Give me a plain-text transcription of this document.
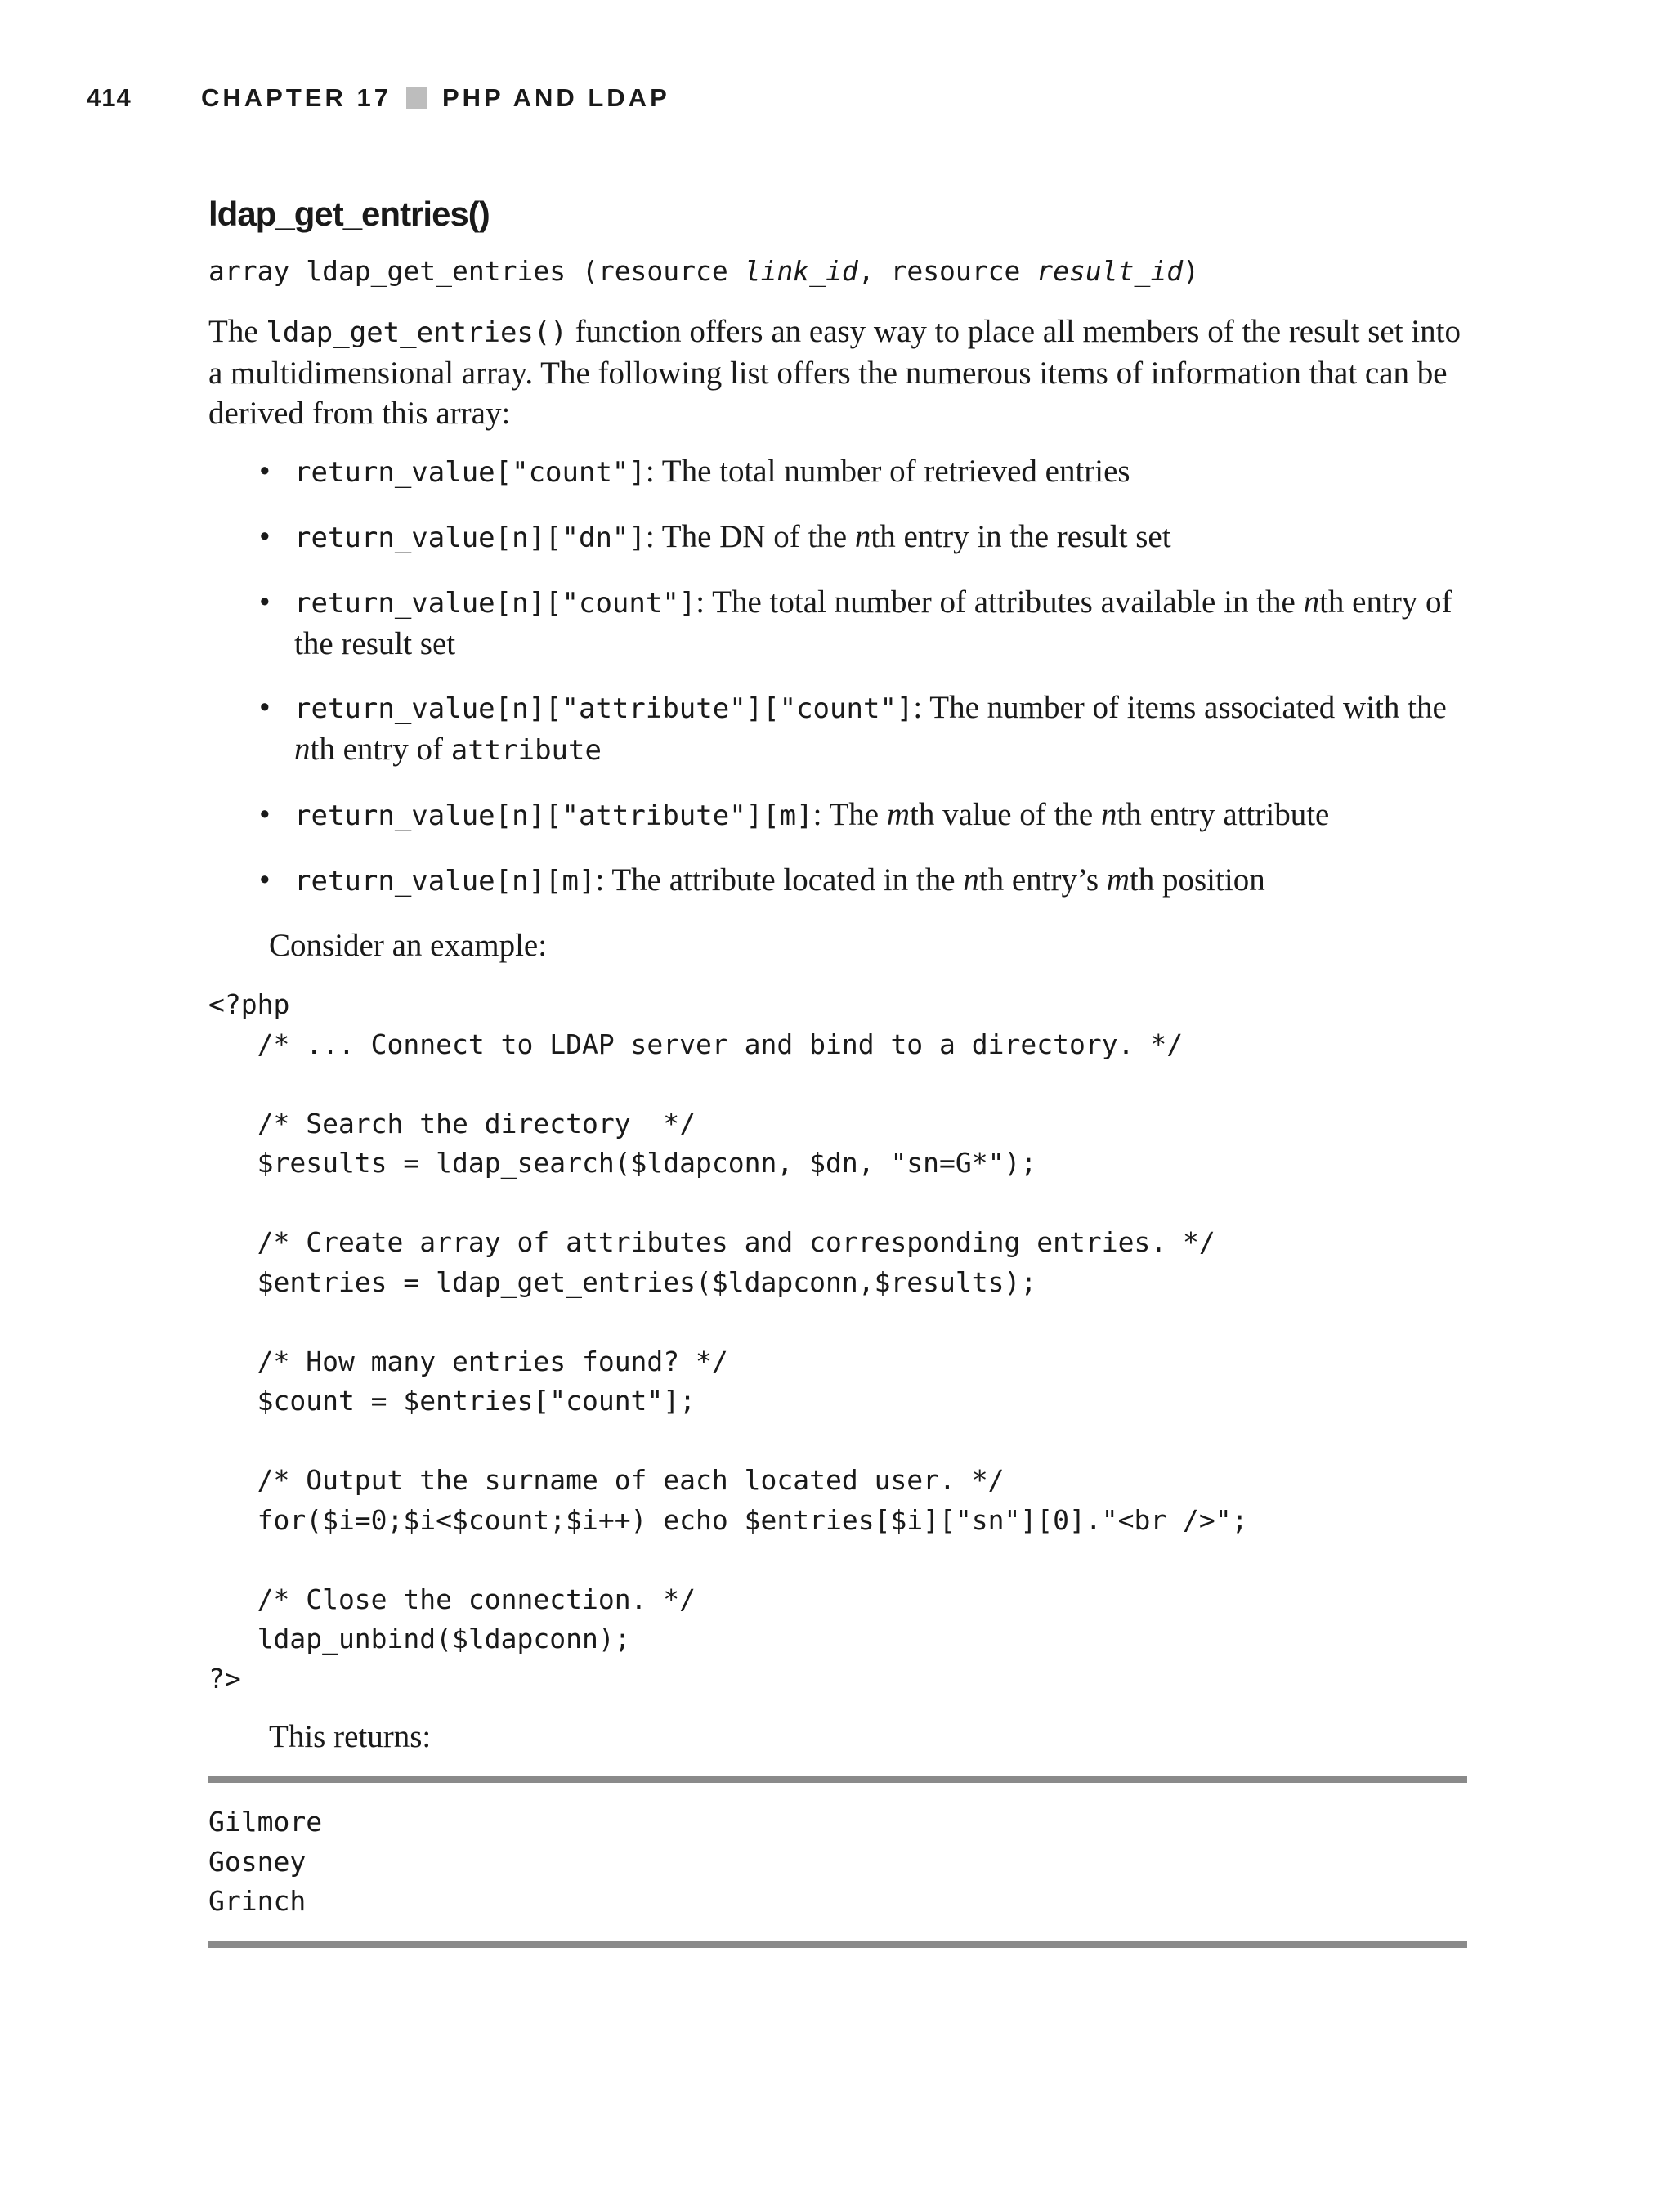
414	CHAPTER 17 PHP AND LDAP
ldap_get_entries()
array ldap_get_entries (resource link_id, resource result_id)

The ldap_get_entries() function offers an easy way to place all members of the result set into a multidimensional array. The following list offers the numerous items of information that can be derived from this array:

• return_value["count"]: The total number of retrieved entries
• return_value[n]["dn"]: The DN of the nth entry in the result set
• return_value[n]["count"]: The total number of attributes available in the nth entry of the result set
• return_value[n]["attribute"]["count"]: The number of items associated with the nth entry of attribute
• return_value[n]["attribute"][m]: The mth value of the nth entry attribute
• return_value[n][m]: The attribute located in the nth entry’s mth position

Consider an example:

<?php
/* ... Connect to LDAP server and bind to a directory. */

/* Search the directory  */
$results = ldap_search($ldapconn, $dn, "sn=G*");

/* Create array of attributes and corresponding entries. */
$entries = ldap_get_entries($ldapconn,$results);

/* How many entries found? */
$count = $entries["count"];

/* Output the surname of each located user. */
for($i=0;$i<$count;$i++) echo $entries[$i]["sn"][0]."<br />";

/* Close the connection. */
ldap_unbind($ldapconn);
?>

This returns:

Gilmore
Gosney
Grinch
